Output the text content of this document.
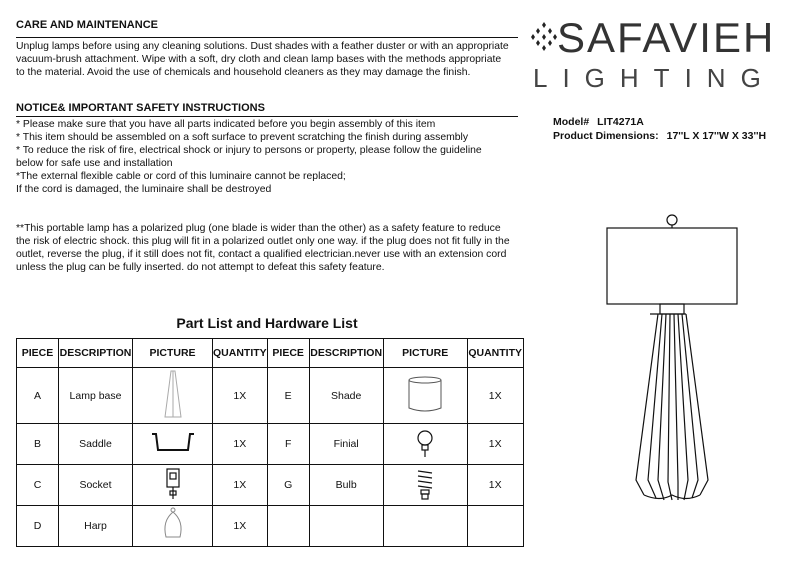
CARE AND MAINTENANCE
Unplug lamps before using any cleaning solutions. Dust shades with a feather duster or with an appropriate
vacuum-brush attachment. Wipe with a soft, dry cloth and clean lamp bases with the methods appropriate
to the material. Avoid the use of chemicals and household cleaners as they may damage the finish.
NOTICE& IMPORTANT SAFETY INSTRUCTIONS
* Please make sure that you have all parts indicated before you begin assembly of this item
* This item should be assembled on a soft surface to prevent scratching the finish during assembly
* To reduce the risk of fire, electrical shock or injury to persons or property, please follow the guideline
below for safe use and installation
*The external flexible cable or cord of this luminaire cannot be replaced;
If the cord is damaged, the luminaire shall be destroyed
**This portable lamp has a polarized plug (one blade is wider than the other) as a safety feature to reduce
the risk of electric shock. this plug will fit in a polarized outlet only one way. if the plug does not fit fully in the
outlet, reverse the plug, if it still does not fit, contact a qualified electrician.never use with an extension cord
unless the plug can be fully inserted. do not attempt to defeat this safety feature.
SAFAVIEH
LIGHTING
Model# LIT4271A
Product Dimensions: 17''L X 17''W X 33''H
Part List and Hardware List
PIECE	DESCRIPTION	PICTURE	QUANTITY	PIECE	DESCRIPTION	PICTURE	QUANTITY
A	Lamp base		1X	E	Shade		1X
B	Saddle		1X	F	Finial		1X
C	Socket		1X	G	Bulb		1X
D	Harp		1X				
